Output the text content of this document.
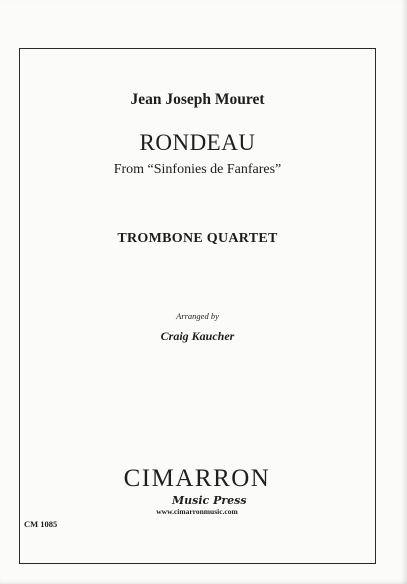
Jean Joseph Mouret
RONDEAU
From “Sinfonies de Fanfares”
TROMBONE QUARTET
Arranged by
Craig Kaucher
CM 1085
CIMARRON
Music Press
www.cimarronmusic.com
